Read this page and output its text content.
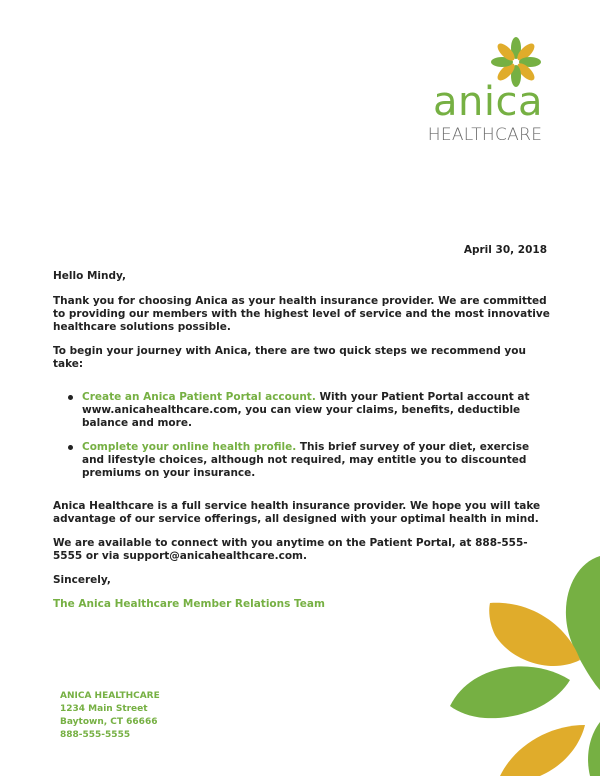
anica
HEALTHCARE
April 30, 2018

Hello Mindy,

Thank you for choosing Anica as your health insurance provider. We are committed to providing our members with the highest level of service and the most innovative healthcare solutions possible.

To begin your journey with Anica, there are two quick steps we recommend you take:

Create an Anica Patient Portal account. With your Patient Portal account at www.anicahealthcare.com, you can view your claims, benefits, deductible balance and more.
Complete your online health profile. This brief survey of your diet, exercise and lifestyle choices, although not required, may entitle you to discounted premiums on your insurance.

Anica Healthcare is a full service health insurance provider. We hope you will take advantage of our service offerings, all designed with your optimal health in mind.

We are available to connect with you anytime on the Patient Portal, at 888-555-5555 or via support@anicahealthcare.com.

Sincerely,

The Anica Healthcare Member Relations Team
ANICA HEALTHCARE
1234 Main Street
Baytown, CT 66666
888-555-5555
